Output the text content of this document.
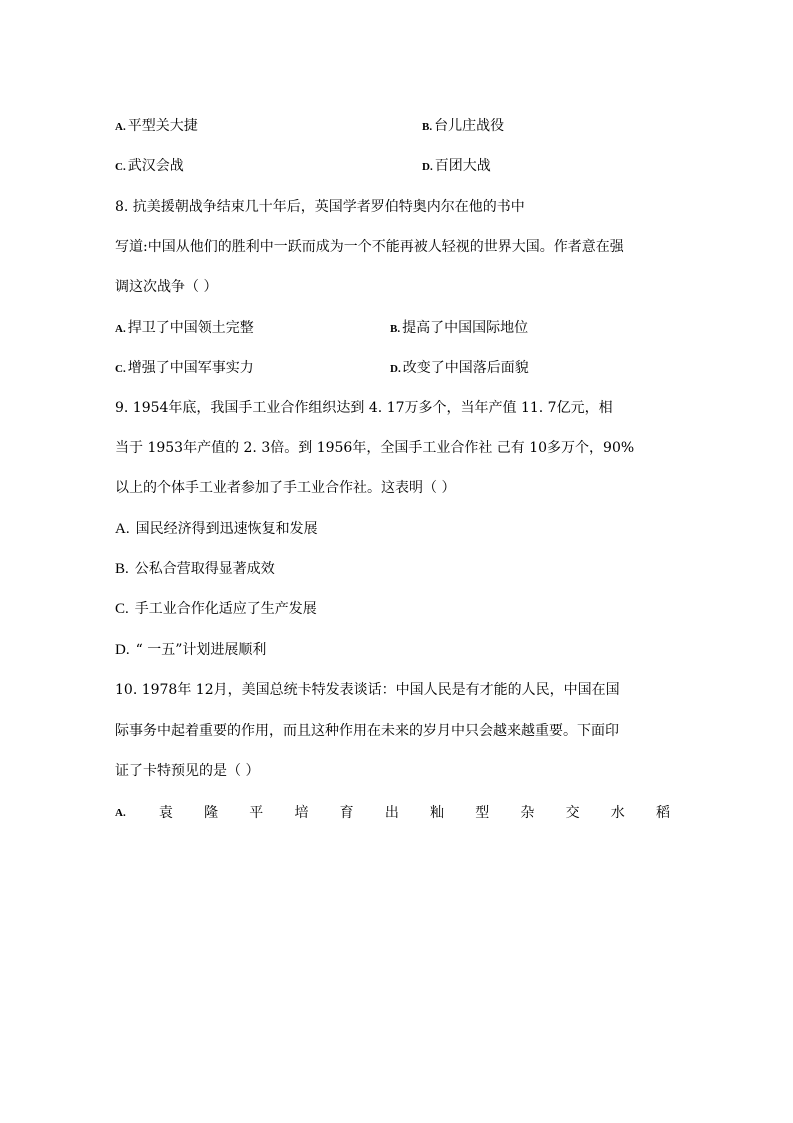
A. 平型关大捷	B. 台儿庄战役
C. 武汉会战	D. 百团大战
8. 抗美援朝战争结束几十年后，英国学者罗伯特奥内尔在他的书中
写道:中国从他们的胜利中一跃而成为一个不能再被人轻视的世界大国。作者意在强
调这次战争（ ）
A. 捍卫了中国领土完整	B. 提高了中国国际地位
C. 增强了中国军事实力	D. 改变了中国落后面貌
9. 1954年底，我国手工业合作组织达到 4. 17万多个，当年产值 11. 7亿元，相
当于 1953年产值的 2. 3倍。到 1956年，全国手工业合作社 己有 10多万个，90%
以上的个体手工业者参加了手工业合作社。这表明（ ）
A. 国民经济得到迅速恢复和发展
B. 公私合营取得显著成效
C. 手工业合作化适应了生产发展
D. “ 一五”计划进展顺利
10. 1978年 12月，美国总统卡特发表谈话：中国人民是有才能的人民，中国在国
际事务中起着重要的作用，而且这种作用在未来的岁月中只会越来越重要。下面印
证了卡特预见的是（ ）
A. 袁 隆 平 培 育 出 籼 型 杂 交 水 稻
